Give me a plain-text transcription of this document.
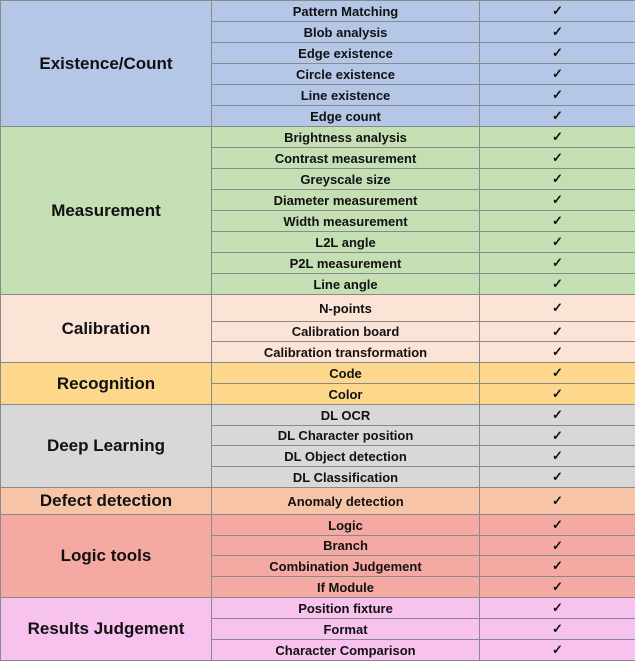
Existence/Count	Pattern Matching	✓
	Blob analysis	✓
	Edge existence	✓
	Circle existence	✓
	Line existence	✓
	Edge count	✓
Measurement	Brightness analysis	✓
	Contrast measurement	✓
	Greyscale size	✓
	Diameter measurement	✓
	Width measurement	✓
	L2L angle	✓
	P2L measurement	✓
	Line angle	✓
Calibration	N-points	✓
	Calibration board	✓
	Calibration transformation	✓
Recognition	Code	✓
	Color	✓
Deep Learning	DL OCR	✓
	DL Character position	✓
	DL Object detection	✓
	DL Classification	✓
Defect detection	Anomaly detection	✓
Logic tools	Logic	✓
	Branch	✓
	Combination Judgement	✓
	If Module	✓
Results Judgement	Position fixture	✓
	Format	✓
	Character Comparison	✓
